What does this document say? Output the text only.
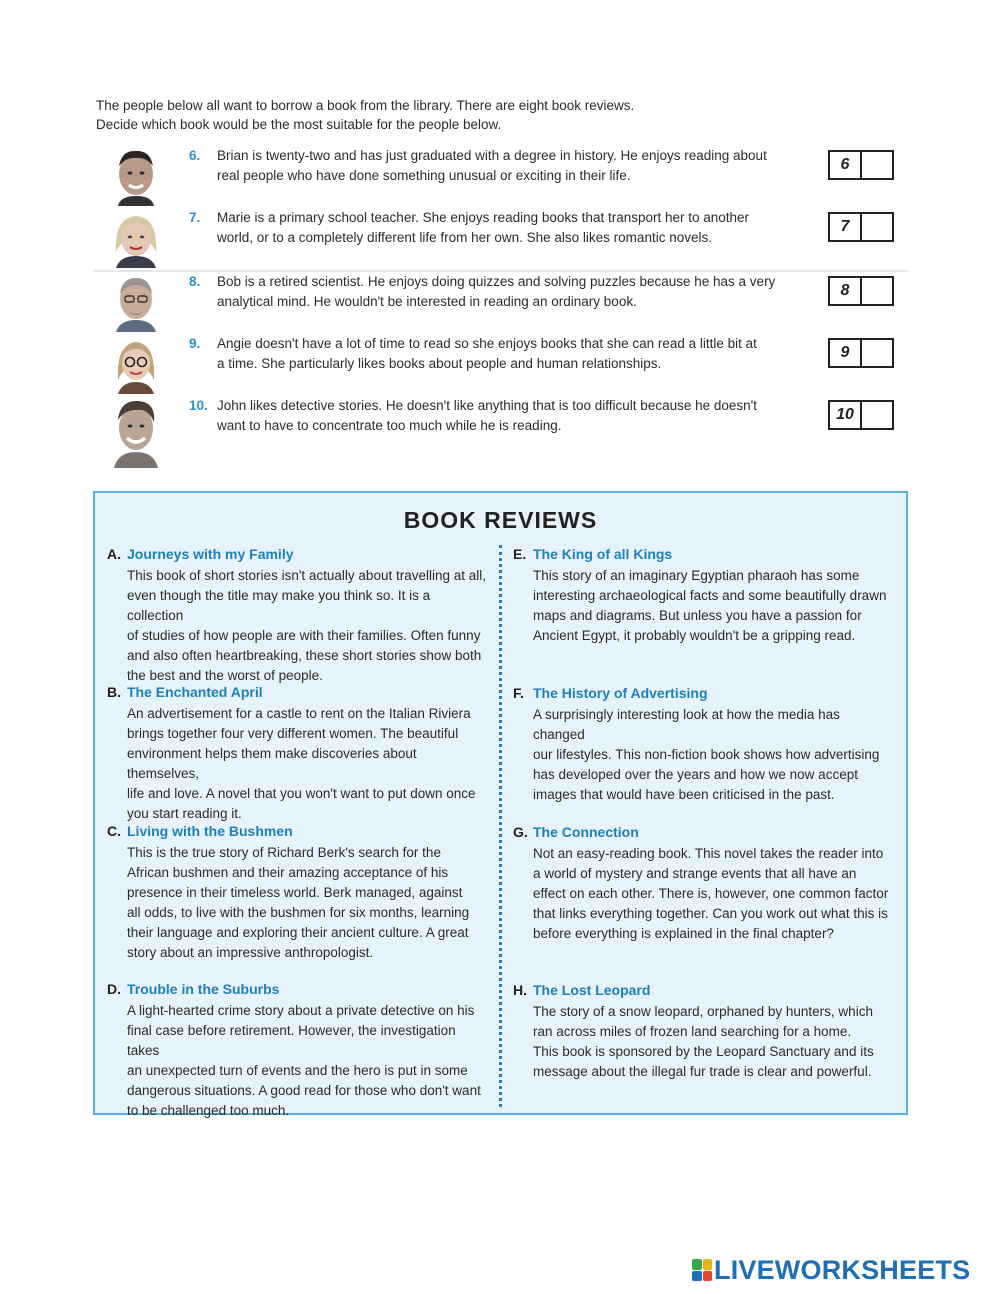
The people below all want to borrow a book from the library. There are eight book reviews.

Decide which book would be the most suitable for the people below.

6.	Brian is twenty-two and has just graduated with a degree in history. He enjoys reading about
real people who have done something unusual or exciting in their life.
6
7.	Marie is a primary school teacher. She enjoys reading books that transport her to another
world, or to a completely different life from her own. She also likes romantic novels.
7
8.	Bob is a retired scientist. He enjoys doing quizzes and solving puzzles because he has a very
analytical mind. He wouldn't be interested in reading an ordinary book.
8
9.	Angie doesn't have a lot of time to read so she enjoys books that she can read a little bit at
a time. She particularly likes books about people and human relationships.
9
10. John likes detective stories. He doesn't like anything that is too difficult because he doesn't
want to have to concentrate too much while he is reading.
10
BOOK REVIEWS
A. Journeys with my Family
This book of short stories isn't actually about travelling at all,
even though the title may make you think so. It is a collection
of studies of how people are with their families. Often funny
and also often heartbreaking, these short stories show both
the best and the worst of people.
B. The Enchanted April
An advertisement for a castle to rent on the Italian Riviera
brings together four very different women. The beautiful
environment helps them make discoveries about themselves,
life and love. A novel that you won't want to put down once
you start reading it.
C. Living with the Bushmen
This is the true story of Richard Berk's search for the
African bushmen and their amazing acceptance of his
presence in their timeless world. Berk managed, against
all odds, to live with the bushmen for six months, learning
their language and exploring their ancient culture. A great
story about an impressive anthropologist.
D. Trouble in the Suburbs
A light-hearted crime story about a private detective on his
final case before retirement. However, the investigation takes
an unexpected turn of events and the hero is put in some
dangerous situations. A good read for those who don't want
to be challenged too much.
E. The King of all Kings
This story of an imaginary Egyptian pharaoh has some
interesting archaeological facts and some beautifully drawn
maps and diagrams. But unless you have a passion for
Ancient Egypt, it probably wouldn't be a gripping read.
F. The History of Advertising
A surprisingly interesting look at how the media has changed
our lifestyles. This non-fiction book shows how advertising
has developed over the years and how we now accept
images that would have been criticised in the past.
G. The Connection
Not an easy-reading book. This novel takes the reader into
a world of mystery and strange events that all have an
effect on each other. There is, however, one common factor
that links everything together. Can you work out what this is
before everything is explained in the final chapter?
H. The Lost Leopard
The story of a snow leopard, orphaned by hunters, which
ran across miles of frozen land searching for a home.
This book is sponsored by the Leopard Sanctuary and its
message about the illegal fur trade is clear and powerful.
LIVEWORKSHEETS
